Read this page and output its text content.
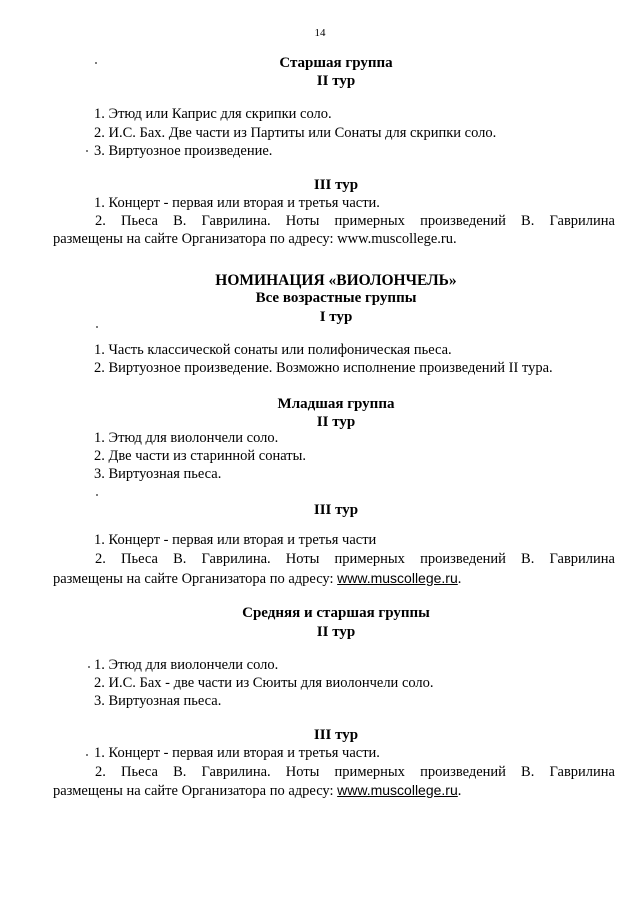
14
Старшая группа
II тур
1. Этюд или Каприс для скрипки соло.
2. И.С. Бах. Две части из Партиты или Сонаты для скрипки соло.
3. Виртуозное произведение.
III тур
1. Концерт - первая или вторая и третья части.
2. Пьеса В. Гаврилина. Ноты примерных произведений В. Гаврилина
размещены на сайте Организатора по адресу: www.muscollege.ru.
НОМИНАЦИЯ «ВИОЛОНЧЕЛЬ»
Все возрастные группы
I тур
1. Часть классической сонаты или полифоническая пьеса.
2. Виртуозное произведение. Возможно исполнение произведений II тура.
Младшая группа
II тур
1. Этюд для виолончели соло.
2. Две части из старинной сонаты.
3. Виртуозная пьеса.
III тур
1. Концерт - первая или вторая и третья части
2. Пьеса В. Гаврилина. Ноты примерных произведений В. Гаврилина
размещены на сайте Организатора по адресу: www.muscollege.ru.
Средняя и старшая группы
II тур
1. Этюд для виолончели соло.
2. И.С. Бах - две части из Сюиты для виолончели соло.
3. Виртуозная пьеса.
III тур
1. Концерт - первая или вторая и третья части.
2. Пьеса В. Гаврилина. Ноты примерных произведений В. Гаврилина
размещены на сайте Организатора по адресу: www.muscollege.ru.
